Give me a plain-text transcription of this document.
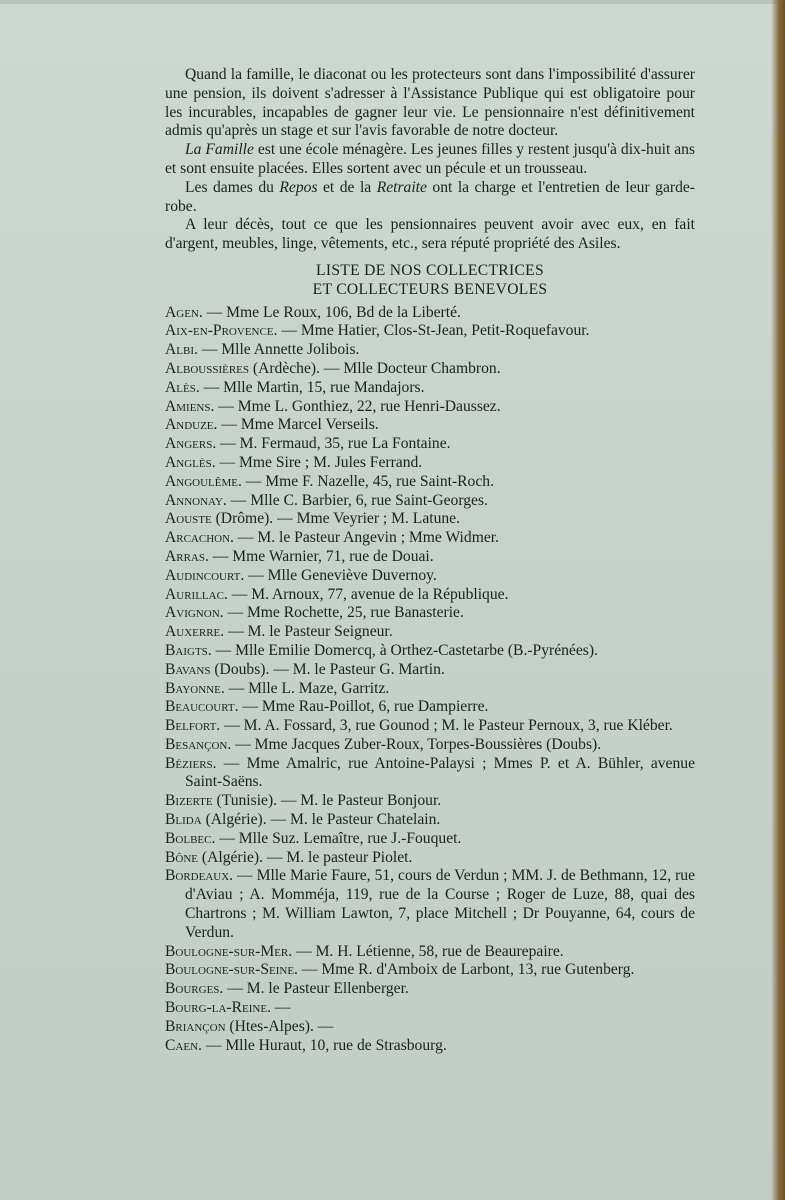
Quand la famille, le diaconat ou les protecteurs sont dans l'impossibilité d'assurer une pension, ils doivent s'adresser à l'Assistance Publique qui est obligatoire pour les incurables, incapables de gagner leur vie. Le pensionnaire n'est définitivement admis qu'après un stage et sur l'avis favorable de notre docteur.

La Famille est une école ménagère. Les jeunes filles y restent jusqu'à dix-huit ans et sont ensuite placées. Elles sortent avec un pécule et un trousseau.

Les dames du Repos et de la Retraite ont la charge et l'entretien de leur garde-robe.

A leur décès, tout ce que les pensionnaires peuvent avoir avec eux, en fait d'argent, meubles, linge, vêtements, etc., sera réputé propriété des Asiles.

LISTE DE NOS COLLECTRICES
ET COLLECTEURS BENEVOLES

Agen. — Mme Le Roux, 106, Bd de la Liberté.

Aix-en-Provence. — Mme Hatier, Clos-St-Jean, Petit-Roquefavour.

Albi. — Mlle Annette Jolibois.

Alboussières (Ardèche). — Mlle Docteur Chambron.

Alès. — Mlle Martin, 15, rue Mandajors.

Amiens. — Mme L. Gonthiez, 22, rue Henri-Daussez.

Anduze. — Mme Marcel Verseils.

Angers. — M. Fermaud, 35, rue La Fontaine.

Anglès. — Mme Sire ; M. Jules Ferrand.

Angoulême. — Mme F. Nazelle, 45, rue Saint-Roch.

Annonay. — Mlle C. Barbier, 6, rue Saint-Georges.

Aouste (Drôme). — Mme Veyrier ; M. Latune.

Arcachon. — M. le Pasteur Angevin ; Mme Widmer.

Arras. — Mme Warnier, 71, rue de Douai.

Audincourt. — Mlle Geneviève Duvernoy.

Aurillac. — M. Arnoux, 77, avenue de la République.

Avignon. — Mme Rochette, 25, rue Banasterie.

Auxerre. — M. le Pasteur Seigneur.

Baigts. — Mlle Emilie Domercq, à Orthez-Castetarbe (B.-Pyrénées).

Bavans (Doubs). — M. le Pasteur G. Martin.

Bayonne. — Mlle L. Maze, Garritz.

Beaucourt. — Mme Rau-Poillot, 6, rue Dampierre.

Belfort. — M. A. Fossard, 3, rue Gounod ; M. le Pasteur Pernoux, 3, rue Kléber.

Besançon. — Mme Jacques Zuber-Roux, Torpes-Boussières (Doubs).

Béziers. — Mme Amalric, rue Antoine-Palaysi ; Mmes P. et A. Bühler, avenue Saint-Saëns.

Bizerte (Tunisie). — M. le Pasteur Bonjour.

Blida (Algérie). — M. le Pasteur Chatelain.

Bolbec. — Mlle Suz. Lemaître, rue J.-Fouquet.

Bône (Algérie). — M. le pasteur Piolet.

Bordeaux. — Mlle Marie Faure, 51, cours de Verdun ; MM. J. de Bethmann, 12, rue d'Aviau ; A. Momméja, 119, rue de la Course ; Roger de Luze, 88, quai des Chartrons ; M. William Lawton, 7, place Mitchell ; Dr Pouyanne, 64, cours de Verdun.

Boulogne-sur-Mer. — M. H. Létienne, 58, rue de Beaurepaire.

Boulogne-sur-Seine. — Mme R. d'Amboix de Larbont, 13, rue Gutenberg.

Bourges. — M. le Pasteur Ellenberger.

Bourg-la-Reine. —

Briançon (Htes-Alpes). —

Caen. — Mlle Huraut, 10, rue de Strasbourg.
